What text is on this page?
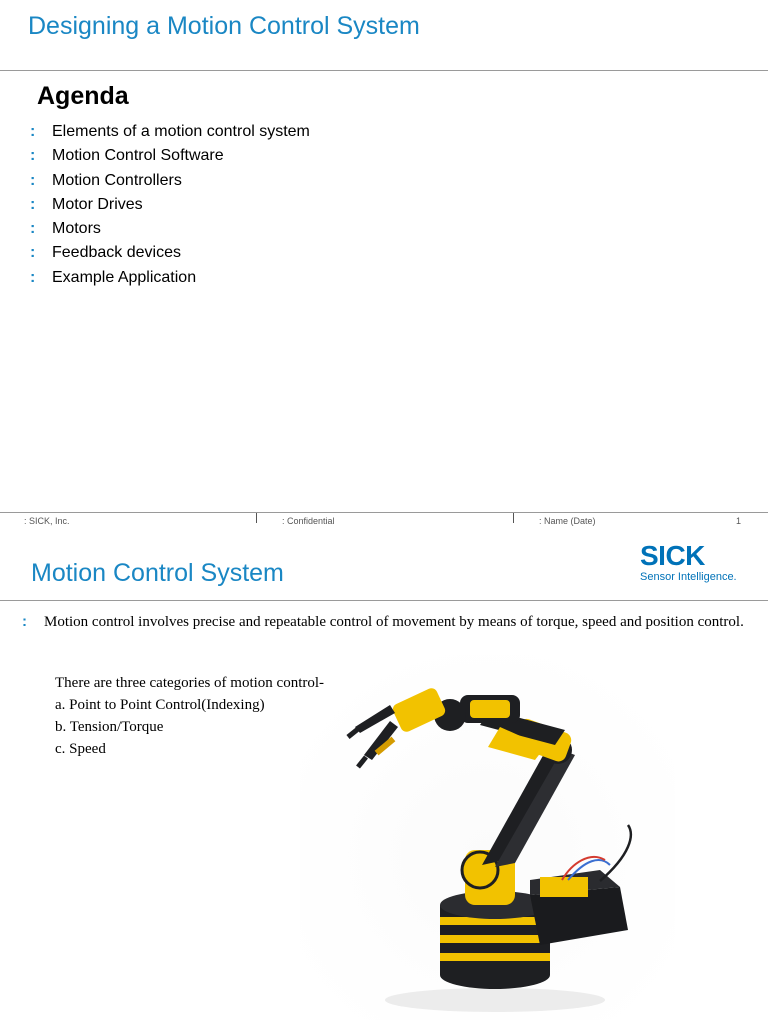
Designing a Motion Control System
Agenda
: Elements of a motion control system
: Motion Control Software
: Motion Controllers
: Motor Drives
: Motors
: Feedback devices
: Example Application
: SICK, Inc.	: Confidential	: Name (Date)	1
Motion Control System
SICK
Sensor Intelligence.
:	Motion control involves precise and repeatable control of movement by means of torque, speed and position control.
There are three categories of motion control-
a. Point to Point Control(Indexing)
b. Tension/Torque
c. Speed
